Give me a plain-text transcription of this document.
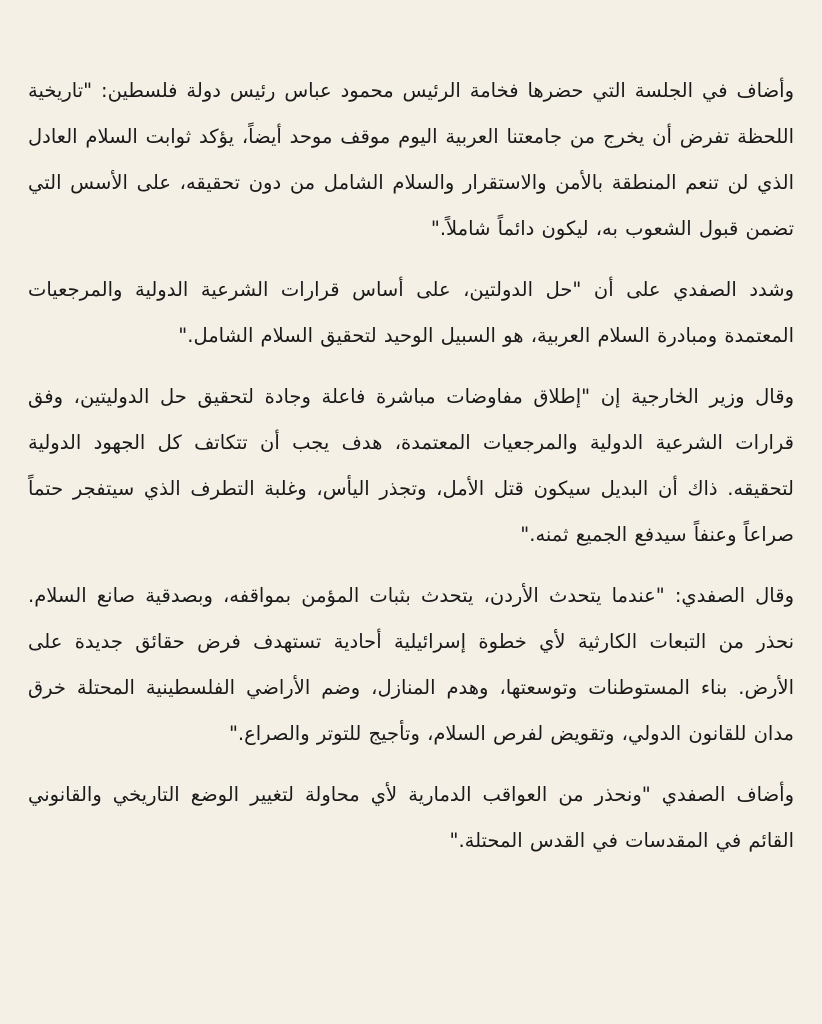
وأضاف في الجلسة التي حضرها فخامة الرئيس محمود عباس رئيس دولة فلسطين: "تاريخية اللحظة تفرض أن يخرج من جامعتنا العربية اليوم موقف موحد أيضاً، يؤكد ثوابت السلام العادل الذي لن تنعم المنطقة بالأمن والاستقرار والسلام الشامل من دون تحقيقه، على الأسس التي تضمن قبول الشعوب به، ليكون دائماً شاملاً."

وشدد الصفدي على أن "حل الدولتين، على أساس قرارات الشرعية الدولية والمرجعيات المعتمدة ومبادرة السلام العربية، هو السبيل الوحيد لتحقيق السلام الشامل."

وقال وزير الخارجية إن "إطلاق مفاوضات مباشرة فاعلة وجادة لتحقيق حل الدوليتين، وفق قرارات الشرعية الدولية والمرجعيات المعتمدة، هدف يجب أن تتكاتف كل الجهود الدولية لتحقيقه. ذاك أن البديل سيكون قتل الأمل، وتجذر اليأس، وغلبة التطرف الذي سيتفجر حتماً صراعاً وعنفاً سيدفع الجميع ثمنه."

وقال الصفدي: "عندما يتحدث الأردن، يتحدث بثبات المؤمن بمواقفه، وبصدقية صانع السلام. نحذر من التبعات الكارثية لأي خطوة إسرائيلية أحادية تستهدف فرض حقائق جديدة على الأرض. بناء المستوطنات وتوسعتها، وهدم المنازل، وضم الأراضي الفلسطينية المحتلة خرق مدان للقانون الدولي، وتقويض لفرص السلام، وتأجيج للتوتر والصراع."

وأضاف الصفدي "ونحذر من العواقب الدمارية لأي محاولة لتغيير الوضع التاريخي والقانوني القائم في المقدسات في القدس المحتلة."
